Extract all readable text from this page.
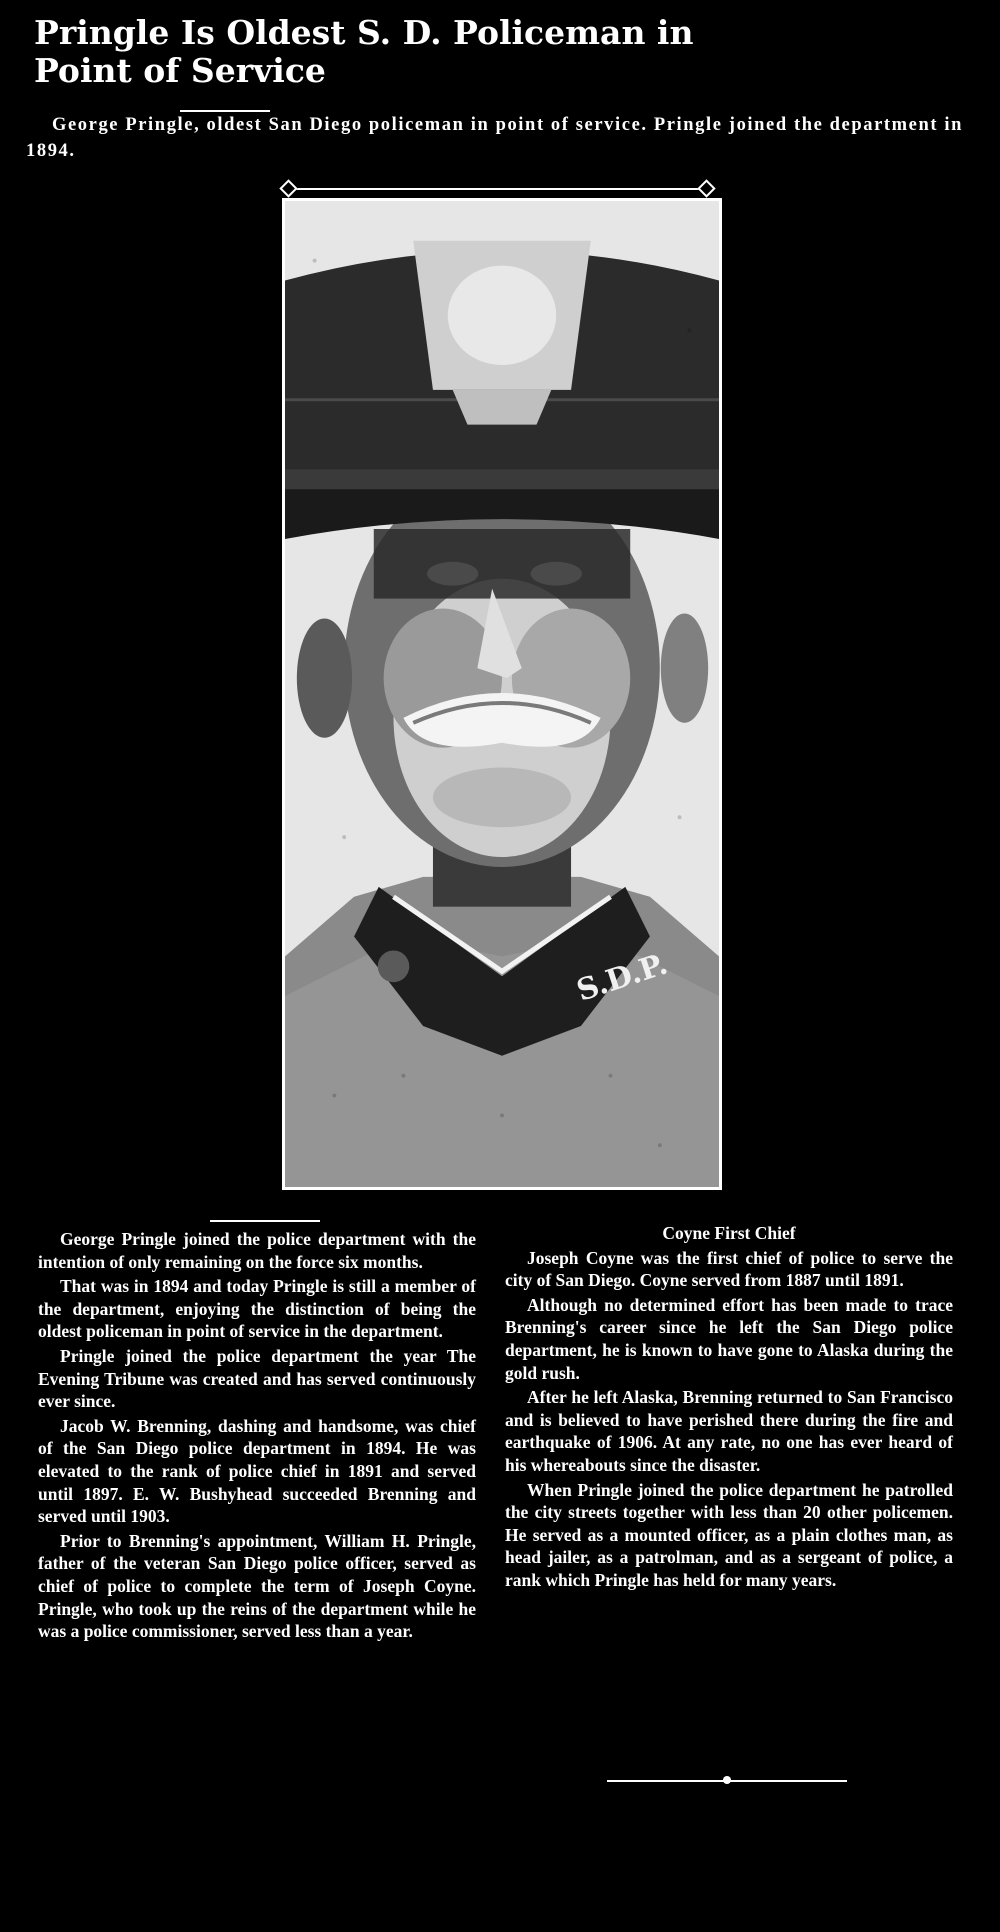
Pringle Is Oldest S. D. Policeman in
Point of Service

George Pringle, oldest San Diego policeman in point of service. Pringle joined the department in 1894.

S.D.P.

George Pringle joined the police department with the intention of only remaining on the force six months.

That was in 1894 and today Pringle is still a member of the department, enjoying the distinction of being the oldest policeman in point of service in the department.

Pringle joined the police department the year The Evening Tribune was created and has served continuously ever since.

Jacob W. Brenning, dashing and handsome, was chief of the San Diego police department in 1894. He was elevated to the rank of police chief in 1891 and served until 1897. E. W. Bushyhead succeeded Brenning and served until 1903.

Prior to Brenning's appointment, William H. Pringle, father of the veteran San Diego police officer, served as chief of police to complete the term of Joseph Coyne. Pringle, who took up the reins of the department while he was a police commissioner, served less than a year.

Coyne First Chief

Joseph Coyne was the first chief of police to serve the city of San Diego. Coyne served from 1887 until 1891.

Although no determined effort has been made to trace Brenning's career since he left the San Diego police department, he is known to have gone to Alaska during the gold rush.

After he left Alaska, Brenning returned to San Francisco and is believed to have perished there during the fire and earthquake of 1906. At any rate, no one has ever heard of his whereabouts since the disaster.

When Pringle joined the police department he patrolled the city streets together with less than 20 other policemen. He served as a mounted officer, as a plain clothes man, as head jailer, as a patrolman, and as a sergeant of police, a rank which Pringle has held for many years.
